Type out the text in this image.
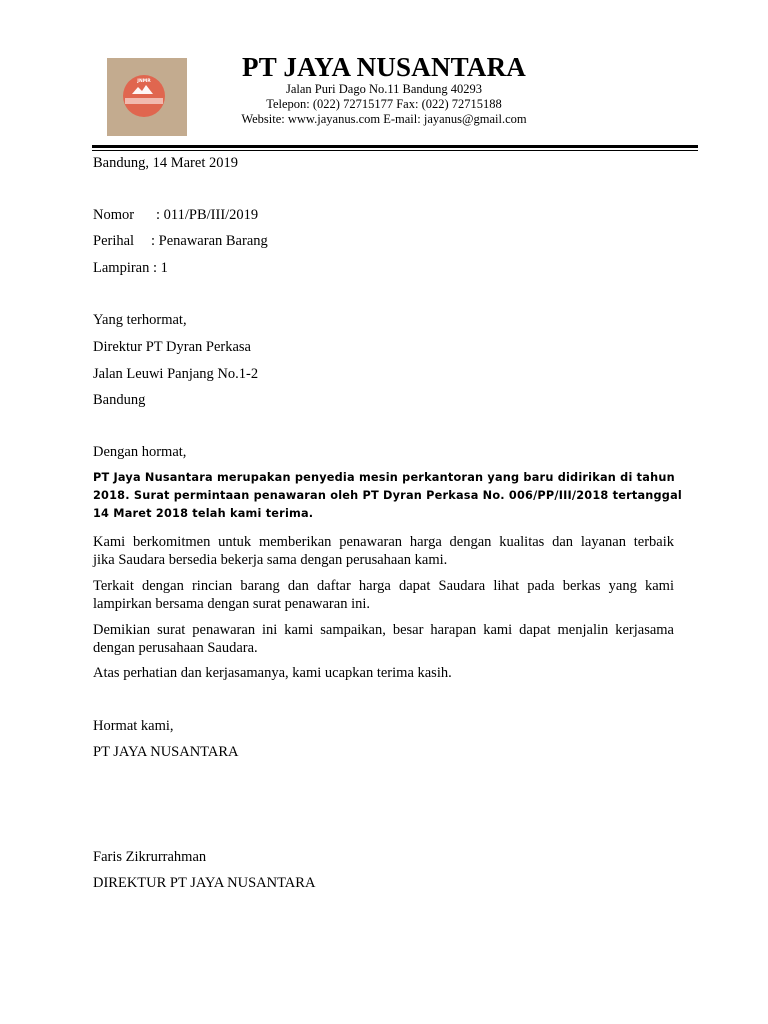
JNMR	PT JAYA NUSANTARA
Jalan Puri Dago No.11 Bandung 40293
Telepon: (022) 72715177 Fax: (022) 72715188
Website: www.jayanus.com E-mail: jayanus@gmail.com
Bandung, 14 Maret 2019
Nomor : 011/PB/III/2019
Perihal : Penawaran Barang
Lampiran : 1
Yang terhormat,
Direktur PT Dyran Perkasa
Jalan Leuwi Panjang No.1-2
Bandung
Dengan hormat,
PT Jaya Nusantara merupakan penyedia mesin perkantoran yang baru didirikan di tahun
2018. Surat permintaan penawaran oleh PT Dyran Perkasa No. 006/PP/III/2018 tertanggal
14 Maret 2018 telah kami terima.
Kami berkomitmen untuk memberikan penawaran harga dengan kualitas dan layanan terbaik
jika Saudara bersedia bekerja sama dengan perusahaan kami.
Terkait dengan rincian barang dan daftar harga dapat Saudara lihat pada berkas yang kami
lampirkan bersama dengan surat penawaran ini.
Demikian surat penawaran ini kami sampaikan, besar harapan kami dapat menjalin kerjasama
dengan perusahaan Saudara.
Atas perhatian dan kerjasamanya, kami ucapkan terima kasih.
Hormat kami,
PT JAYA NUSANTARA
Faris Zikrurrahman
DIREKTUR PT JAYA NUSANTARA
